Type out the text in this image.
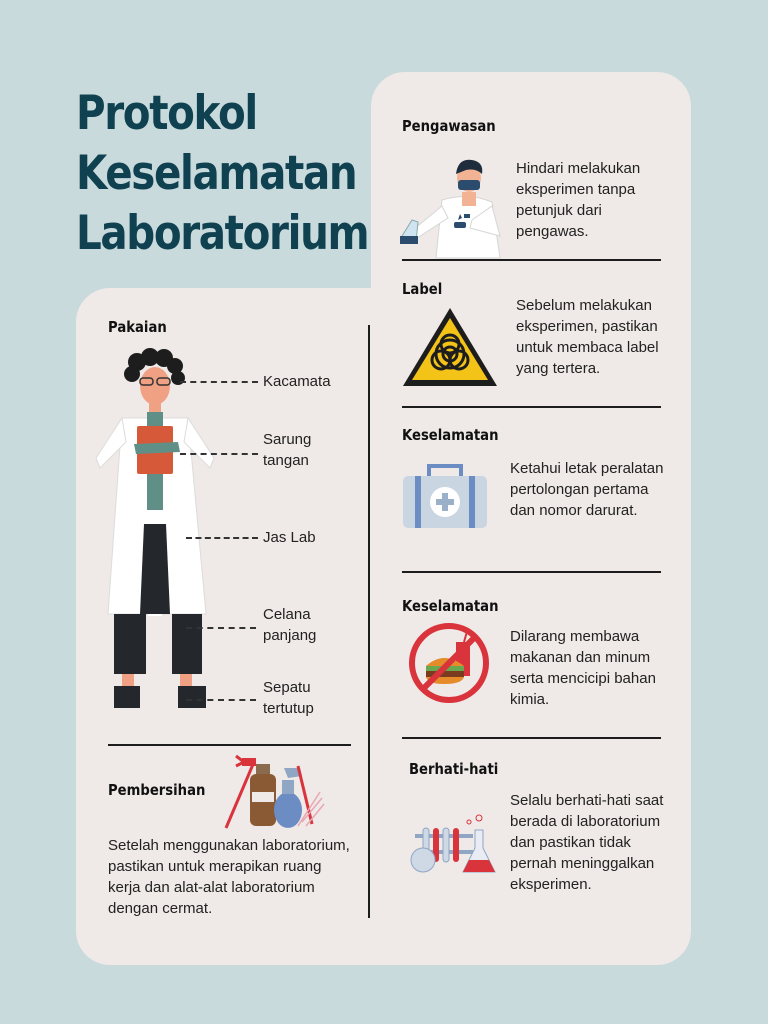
Protokol
Keselamatan
Laboratorium
Pengawasan

Hindari melakukan eksperimen tanpa petunjuk dari pengawas.

Label

Sebelum melakukan eksperimen, pastikan untuk membaca label yang tertera.

Keselamatan

Ketahui letak peralatan pertolongan pertama dan nomor darurat.

Keselamatan

Dilarang membawa makanan dan minum serta mencicipi bahan kimia.

Berhati-hati

Selalu berhati-hati saat berada di laboratorium dan pastikan tidak pernah meninggalkan eksperimen.

Pakaian

Kacamata

Sarung tangan

Jas Lab

Celana panjang

Sepatu tertutup

Pembersihan

Setelah menggunakan laboratorium, pastikan untuk merapikan ruang kerja dan alat-alat laboratorium dengan cermat.
